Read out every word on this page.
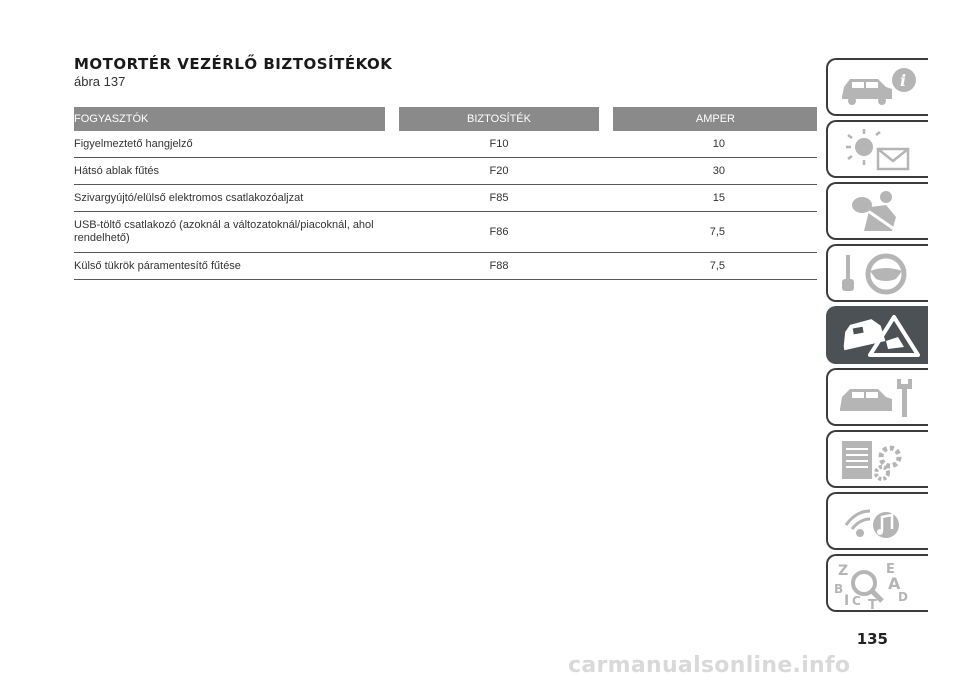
MOTORTÉR VEZÉRLŐ BIZTOSÍTÉKOK
ábra 137
FOGYASZTÓK		BIZTOSÍTÉK		AMPER
Figyelmeztető hangjelző		F10		10
Hátsó ablak fűtés		F20		30
Szivargyújtó/elülső elektromos csatlakozóaljzat		F85		15
USB-töltő csatlakozó (azoknál a változatoknál/piacoknál, ahol rendelhető)		F86		7,5
Külső tükrök páramentesítő fűtése		F88		7,5
i
Z	E
B	A
I C T
D
135
carmanualsonline.info
